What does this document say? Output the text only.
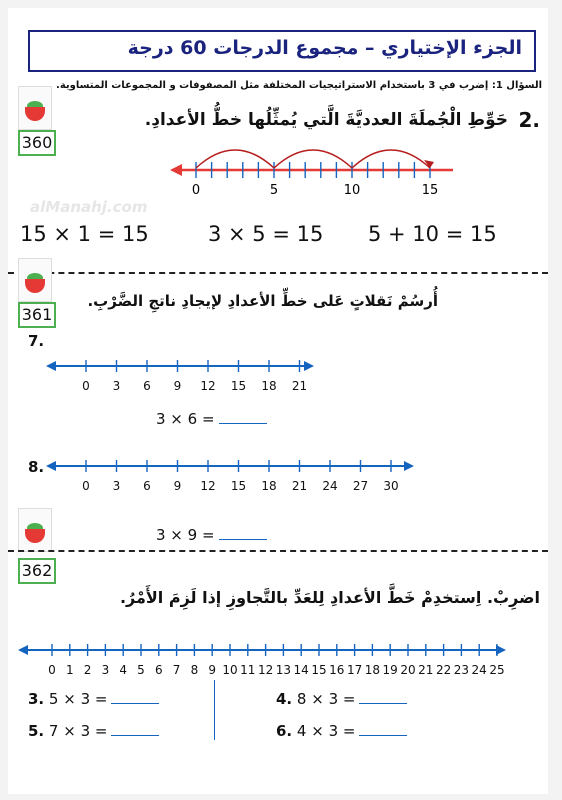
الجزء الإختياري – مجموع الدرجات 60 درجة
السؤال 1: إضرب في 3 باستخدام الاستراتيجيات المختلفة مثل المصفوفات و المجموعات المتساوية.
alManahj.com
360
2.
حَوِّطِ الْجُملَةَ العدديَّةَ الَّتي يُمثِّلُها خطُّ الأعدادِ.
0	5	10	15
15 × 1 = 15	3 × 5 = 15 5 + 10 = 15
361
أُرسُمْ نَقلاتٍ عَلى خطِّ الأعدادِ لإيجادِ ناتجِ الضَّرْبِ.
7.
0 3 6 9 12 15 18 21
3 × 6 =
8.
0 3 6 9 12 15 18 21 24 27 30
3 × 9 =
362
اضرِبْ. اِستخدِمْ خَطَّ الأعدادِ لِلعَدِّ بالتَّجاوزِ إذا لَزِمَ الأَمْرُ.
0 1 2 3 4 5 6 7 8 9 10 11 12 13 14 15 16 17 18 19 20 21 22 23 24 25
3. 5 × 3 =	4. 8 × 3 =
5. 7 × 3 =	6. 4 × 3 =
